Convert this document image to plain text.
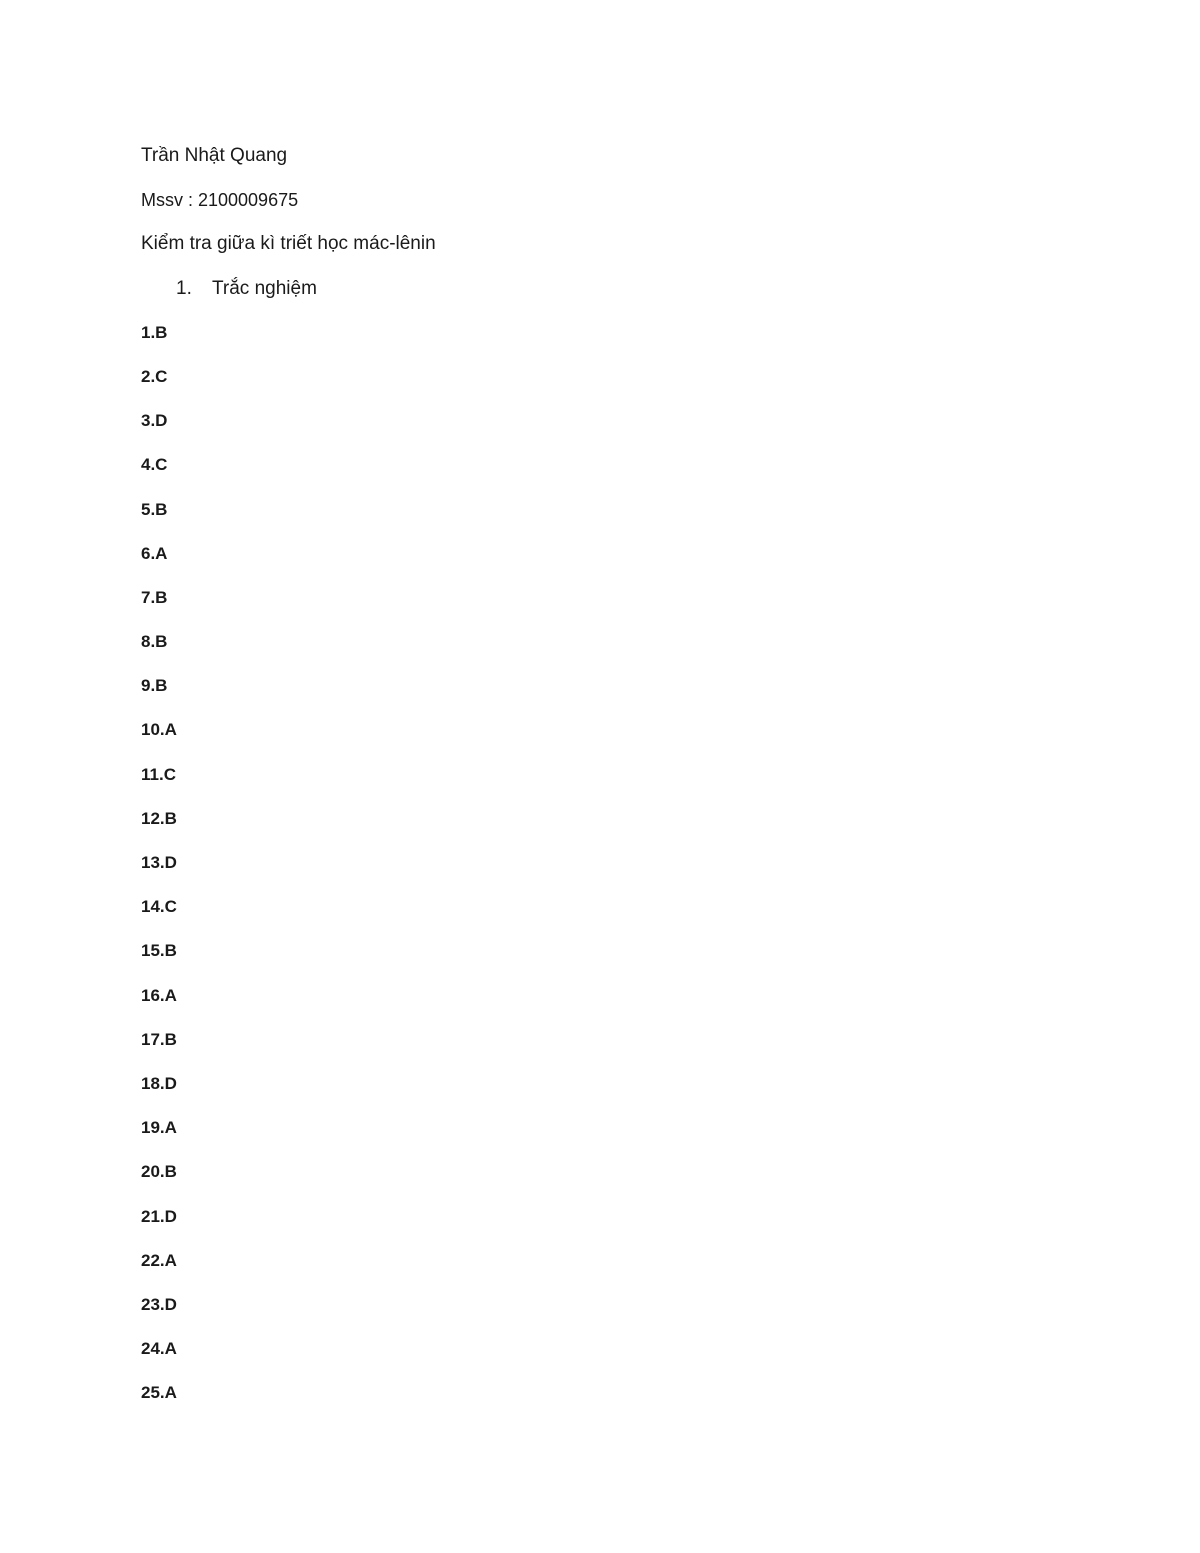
Trần Nhật Quang
Mssv : 2100009675
Kiểm tra giữa kì triết học mác-lênin
1. Trắc nghiệm
1.B
2.C
3.D
4.C
5.B
6.A
7.B
8.B
9.B
10.A
11.C
12.B
13.D
14.C
15.B
16.A
17.B
18.D
19.A
20.B
21.D
22.A
23.D
24.A
25.A
